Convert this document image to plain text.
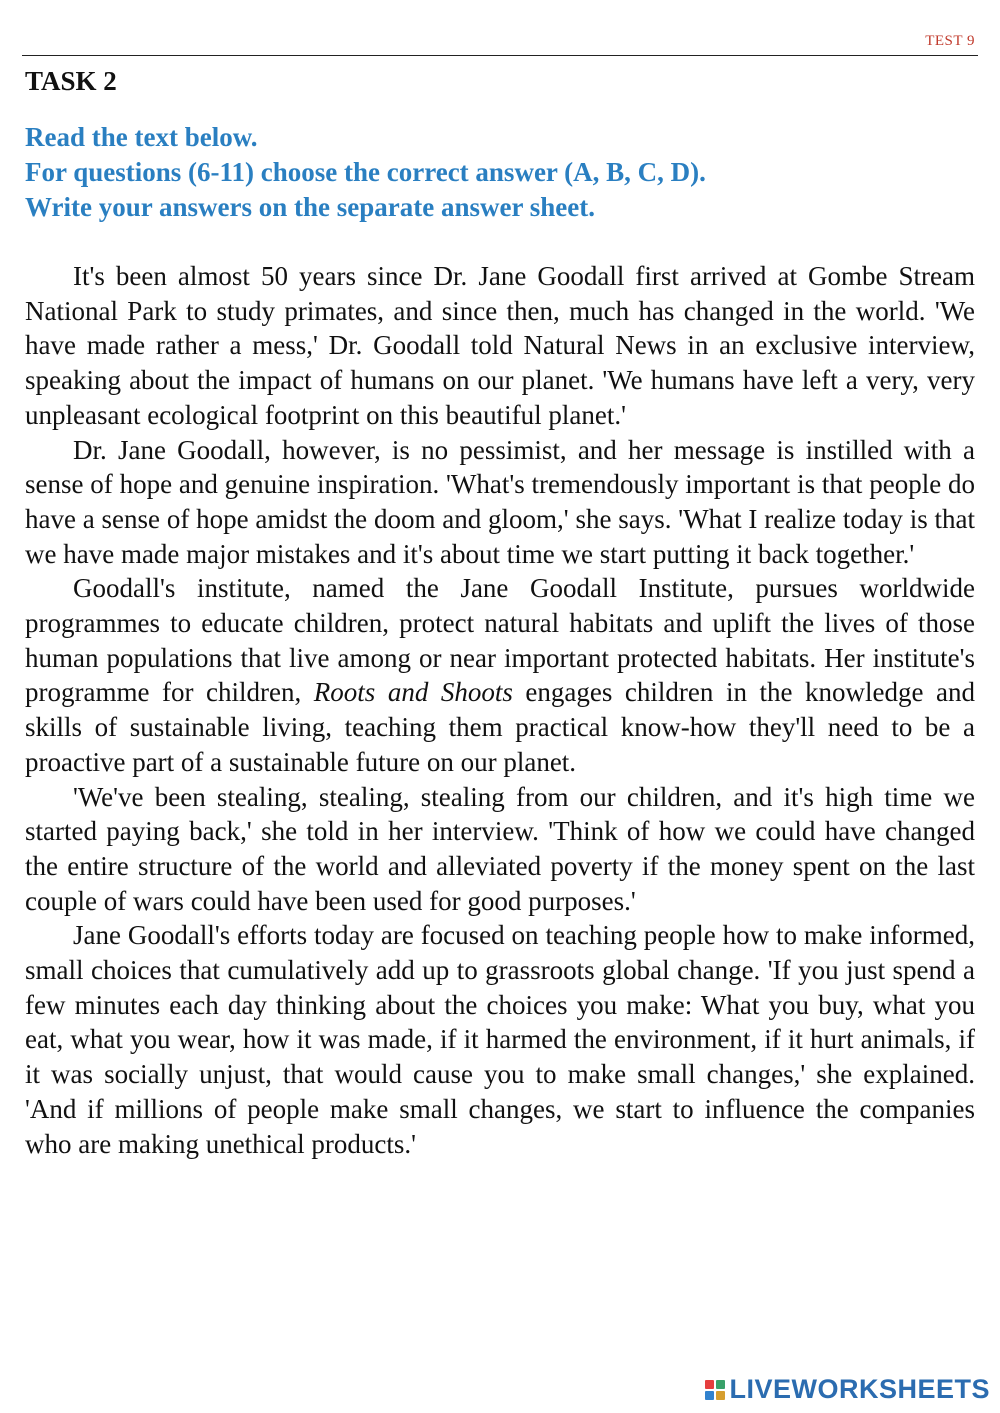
TEST 9
TASK 2
Read the text below.
For questions (6-11) choose the correct answer (A, B, C, D).
Write your answers on the separate answer sheet.

It's been almost 50 years since Dr. Jane Goodall first arrived at Gombe Stream National Park to study primates, and since then, much has changed in the world. 'We have made rather a mess,' Dr. Goodall told Natural News in an exclusive interview, speaking about the impact of humans on our planet. 'We humans have left a very, very unpleasant ecological footprint on this beautiful planet.'

Dr. Jane Goodall, however, is no pessimist, and her message is instilled with a sense of hope and genuine inspiration. 'What's tremendously important is that people do have a sense of hope amidst the doom and gloom,' she says. 'What I realize today is that we have made major mistakes and it's about time we start putting it back together.'

Goodall's institute, named the Jane Goodall Institute, pursues worldwide programmes to educate children, protect natural habitats and uplift the lives of those human populations that live among or near important protected habitats. Her institute's programme for children, Roots and Shoots engages children in the knowledge and skills of sustainable living, teaching them practical know-how they'll need to be a proactive part of a sustainable future on our planet.

'We've been stealing, stealing, stealing from our children, and it's high time we started paying back,' she told in her interview. 'Think of how we could have changed the entire structure of the world and alleviated poverty if the money spent on the last couple of wars could have been used for good purposes.'

Jane Goodall's efforts today are focused on teaching people how to make informed, small choices that cumulatively add up to grassroots global change. 'If you just spend a few minutes each day thinking about the choices you make: What you buy, what you eat, what you wear, how it was made, if it harmed the environment, if it hurt animals, if it was socially unjust, that would cause you to make small changes,' she explained. 'And if millions of people make small changes, we start to influence the companies who are making unethical products.'

LIVEWORKSHEETS
